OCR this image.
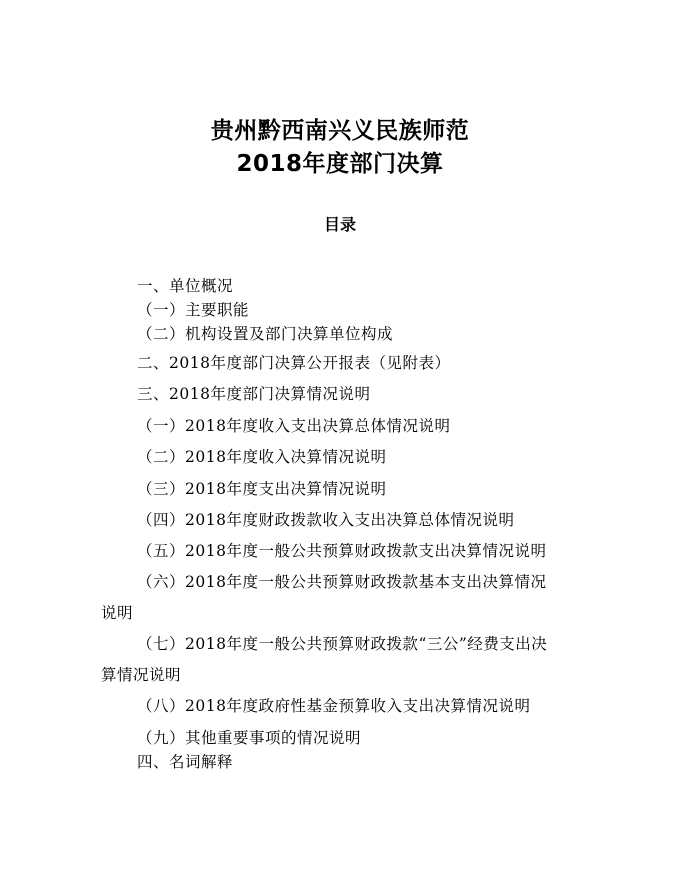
贵州黔西南兴义民族师范
2018年度部门决算
目录
一、单位概况
（一）主要职能
（二）机构设置及部门决算单位构成
二、2018年度部门决算公开报表（见附表）
三、2018年度部门决算情况说明
（一）2018年度收入支出决算总体情况说明
（二）2018年度收入决算情况说明
（三）2018年度支出决算情况说明
（四）2018年度财政拨款收入支出决算总体情况说明
（五）2018年度一般公共预算财政拨款支出决算情况说明
（六）2018年度一般公共预算财政拨款基本支出决算情况
说明
（七）2018年度一般公共预算财政拨款“三公”经费支出决
算情况说明
（八）2018年度政府性基金预算收入支出决算情况说明
（九）其他重要事项的情况说明
四、名词解释
